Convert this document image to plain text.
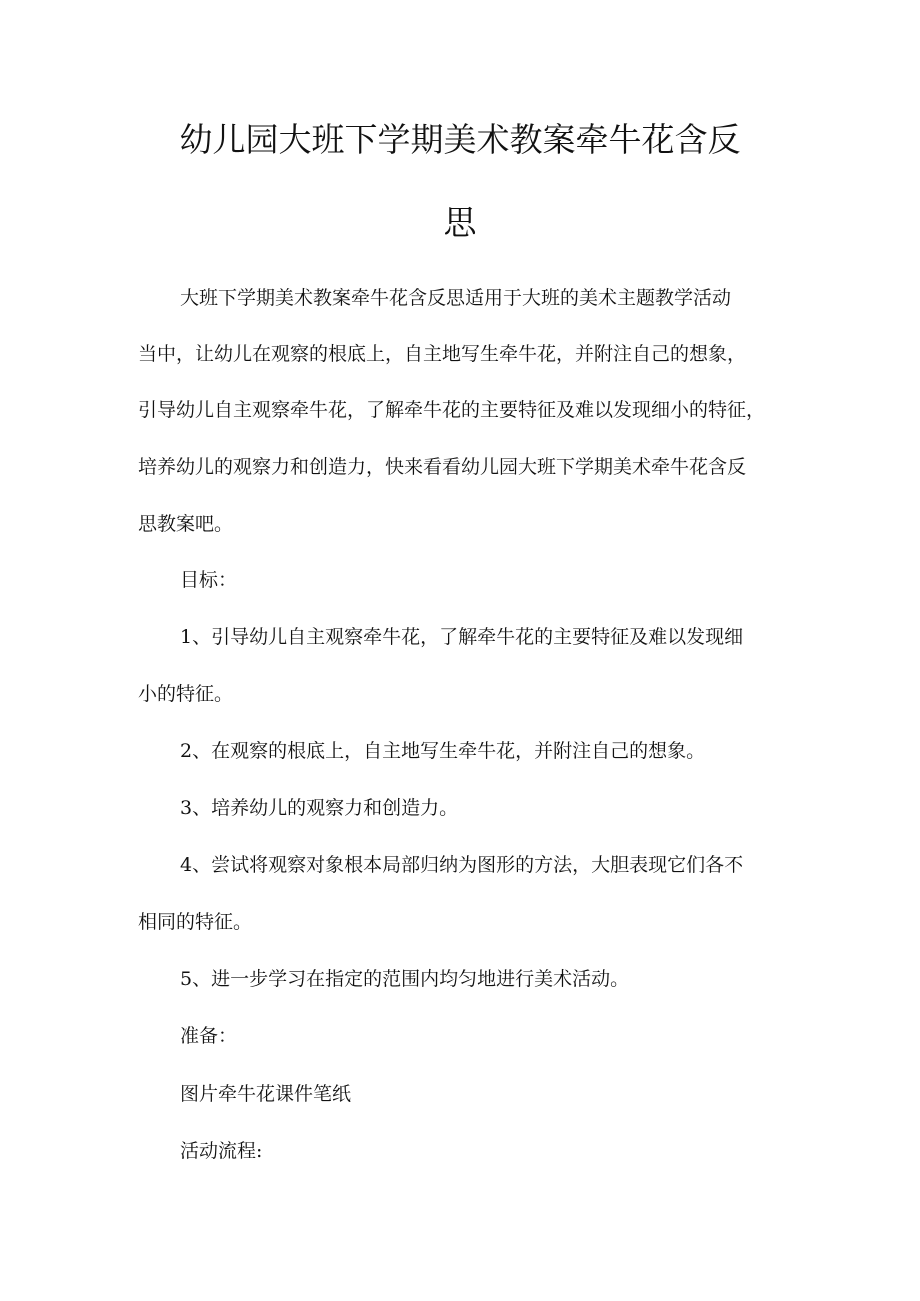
幼儿园大班下学期美术教案牵牛花含反
思

大班下学期美术教案牵牛花含反思适用于大班的美术主题教学活动

当中，让幼儿在观察的根底上，自主地写生牵牛花，并附注自己的想象，

引导幼儿自主观察牵牛花，了解牵牛花的主要特征及难以发现细小的特征，

培养幼儿的观察力和创造力，快来看看幼儿园大班下学期美术牵牛花含反

思教案吧。

目标：

1、引导幼儿自主观察牵牛花，了解牵牛花的主要特征及难以发现细

小的特征。

2、在观察的根底上，自主地写生牵牛花，并附注自己的想象。

3、培养幼儿的观察力和创造力。

4、尝试将观察对象根本局部归纳为图形的方法，大胆表现它们各不

相同的特征。

5、进一步学习在指定的范围内均匀地进行美术活动。

准备：

图片牵牛花课件笔纸

活动流程:
